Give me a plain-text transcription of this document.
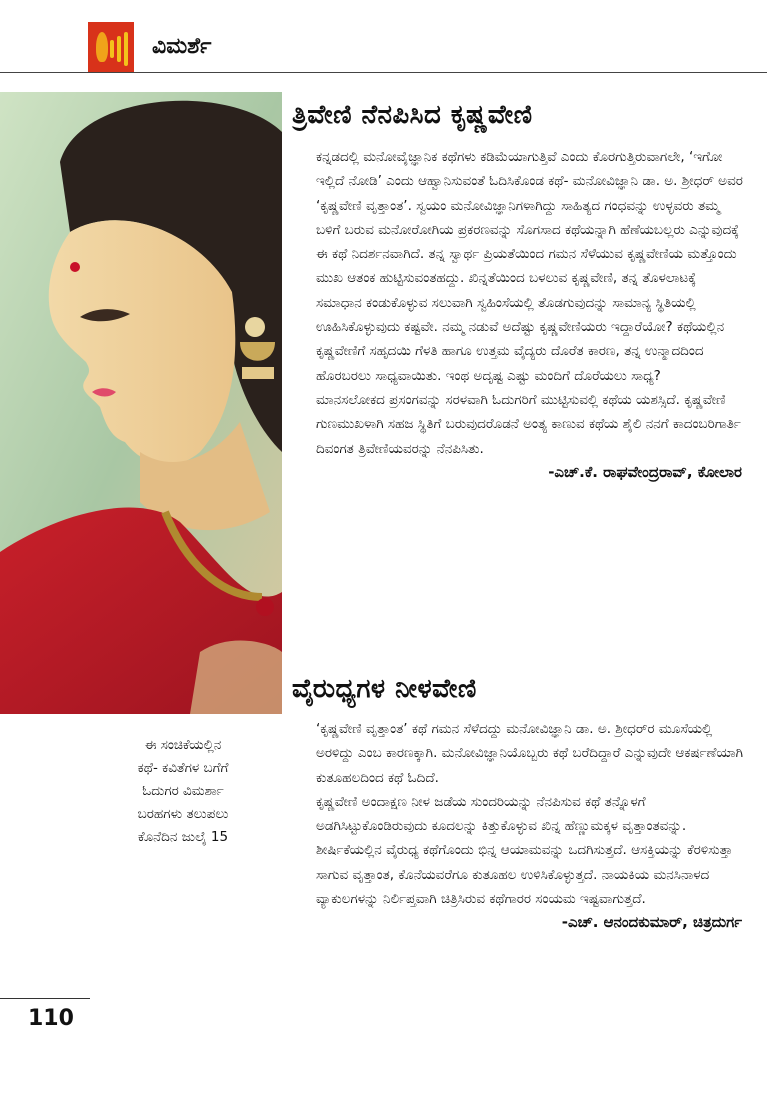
ವಿಮರ್ಶೆ
ಈ ಸಂಚಿಕೆಯಲ್ಲಿನ
ಕಥೆ- ಕವಿತೆಗಳ ಬಗೆಗೆ
ಓದುಗರ ವಿಮರ್ಶಾ
ಬರಹಗಳು ತಲುಪಲು
ಕೊನೆದಿನ ಜುಲೈ 15
ತ್ರಿವೇಣಿ ನೆನಪಿಸಿದ ಕೃಷ್ಣವೇಣಿ

ಕನ್ನಡದಲ್ಲಿ ಮನೋವೈಜ್ಞಾನಿಕ ಕಥೆಗಳು ಕಡಿಮೆಯಾಗುತ್ತಿವೆ ಎಂದು ಕೊರಗುತ್ತಿರುವಾಗಲೇ, ‘ಇಗೋ ಇಲ್ಲಿದೆ ನೋಡಿ’ ಎಂದು ಆಹ್ವಾನಿಸುವಂತೆ ಓದಿಸಿಕೊಂಡ ಕಥೆ- ಮನೋವಿಜ್ಞಾನಿ ಡಾ. ಅ. ಶ್ರೀಧರ್ ಅವರ ‘ಕೃಷ್ಣವೇಣಿ ವೃತ್ತಾಂತ’. ಸ್ವಯಂ ಮನೋವಿಜ್ಞಾನಿಗಳಾಗಿದ್ದು ಸಾಹಿತ್ಯದ ಗಂಧವನ್ನು ಉಳ್ಳವರು ತಮ್ಮ ಬಳಿಗೆ ಬರುವ ಮನೋರೋಗಿಯ ಪ್ರಕರಣವನ್ನು ಸೊಗಸಾದ ಕಥೆಯನ್ನಾಗಿ ಹೆಣೆಯಬಲ್ಲರು ಎನ್ನುವುದಕ್ಕೆ ಈ ಕಥೆ ನಿದರ್ಶನವಾಗಿದೆ. ತನ್ನ ಸ್ವಾರ್ಥ ಪ್ರಿಯತೆಯಿಂದ ಗಮನ ಸೆಳೆಯುವ ಕೃಷ್ಣವೇಣಿಯ ಮತ್ತೊಂದು ಮುಖ ಆತಂಕ ಹುಟ್ಟಿಸುವಂತಹದ್ದು. ಖಿನ್ನತೆಯಿಂದ ಬಳಲುವ ಕೃಷ್ಣವೇಣಿ, ತನ್ನ ತೊಳಲಾಟಕ್ಕೆ ಸಮಾಧಾನ ಕಂಡುಕೊಳ್ಳುವ ಸಲುವಾಗಿ ಸ್ವಹಿಂಸೆಯಲ್ಲಿ ತೊಡಗುವುದನ್ನು ಸಾಮಾನ್ಯ ಸ್ಥಿತಿಯಲ್ಲಿ ಊಹಿಸಿಕೊಳ್ಳುವುದು ಕಷ್ಟವೇ. ನಮ್ಮ ನಡುವೆ ಅದೆಷ್ಟು ಕೃಷ್ಣವೇಣಿಯರು ಇದ್ದಾರೆಯೋ? ಕಥೆಯಲ್ಲಿನ ಕೃಷ್ಣವೇಣಿಗೆ ಸಹೃದಯಿ ಗೆಳತಿ ಹಾಗೂ ಉತ್ತಮ ವೈದ್ಯರು ದೊರೆತ ಕಾರಣ, ತನ್ನ ಉನ್ಮಾದದಿಂದ ಹೊರಬರಲು ಸಾಧ್ಯವಾಯಿತು. ಇಂಥ ಅದೃಷ್ಟ ಎಷ್ಟು ಮಂದಿಗೆ ದೊರೆಯಲು ಸಾಧ್ಯ?

ಮಾನಸಲೋಕದ ಪ್ರಸಂಗವನ್ನು ಸರಳವಾಗಿ ಓದುಗರಿಗೆ ಮುಟ್ಟಿಸುವಲ್ಲಿ ಕಥೆಯ ಯಶಸ್ಸಿದೆ. ಕೃಷ್ಣವೇಣಿ ಗುಣಮುಖಳಾಗಿ ಸಹಜ ಸ್ಥಿತಿಗೆ ಬರುವುದರೊಡನೆ ಅಂತ್ಯ ಕಾಣುವ ಕಥೆಯ ಶೈಲಿ ನನಗೆ ಕಾದಂಬರಿಗಾರ್ತಿ ದಿವಂಗತ ತ್ರಿವೇಣಿಯವರನ್ನು ನೆನಪಿಸಿತು.

-ಎಚ್.ಕೆ. ರಾಘವೇಂದ್ರರಾವ್, ಕೋಲಾರ
ವೈರುಧ್ಯಗಳ ನೀಳವೇಣಿ

‘ಕೃಷ್ಣವೇಣಿ ವೃತ್ತಾಂತ’ ಕಥೆ ಗಮನ ಸೆಳೆದದ್ದು ಮನೋವಿಜ್ಞಾನಿ ಡಾ. ಅ. ಶ್ರೀಧರ್‌ರ ಮೂಸೆಯಲ್ಲಿ ಅರಳಿದ್ದು ಎಂಬ ಕಾರಣಕ್ಕಾಗಿ. ಮನೋವಿಜ್ಞಾನಿಯೊಬ್ಬರು ಕಥೆ ಬರೆದಿದ್ದಾರೆ ಎನ್ನುವುದೇ ಆಕರ್ಷಣೆಯಾಗಿ ಕುತೂಹಲದಿಂದ ಕಥೆ ಓದಿದೆ.

ಕೃಷ್ಣವೇಣಿ ಅಂದಾಕ್ಷಣ ನೀಳ ಜಡೆಯ ಸುಂದರಿಯನ್ನು ನೆನಪಿಸುವ ಕಥೆ ತನ್ನೊಳಗೆ ಅಡಗಿಸಿಟ್ಟುಕೊಂಡಿರುವುದು ಕೂದಲನ್ನು ಕಿತ್ತುಕೊಳ್ಳುವ ಖಿನ್ನ ಹೆಣ್ಣುಮಕ್ಕಳ ವೃತ್ತಾಂತವನ್ನು. ಶೀರ್ಷಿಕೆಯಲ್ಲಿನ ವೈರುಧ್ಯ ಕಥೆಗೊಂದು ಭಿನ್ನ ಆಯಾಮವನ್ನು ಒದಗಿಸುತ್ತದೆ. ಆಸಕ್ತಿಯನ್ನು ಕೆರಳಿಸುತ್ತಾ ಸಾಗುವ ವೃತ್ತಾಂತ, ಕೊನೆಯವರೆಗೂ ಕುತೂಹಲ ಉಳಿಸಿಕೊಳ್ಳುತ್ತದೆ. ನಾಯಕಿಯ ಮನಸಿನಾಳದ ವ್ಯಾಕುಲಗಳನ್ನು ನಿರ್ಲಿಪ್ತವಾಗಿ ಚಿತ್ರಿಸಿರುವ ಕಥೆಗಾರರ ಸಂಯಮ ಇಷ್ಟವಾಗುತ್ತದೆ.

-ಎಚ್. ಆನಂದಕುಮಾರ್, ಚಿತ್ರದುರ್ಗ
110
